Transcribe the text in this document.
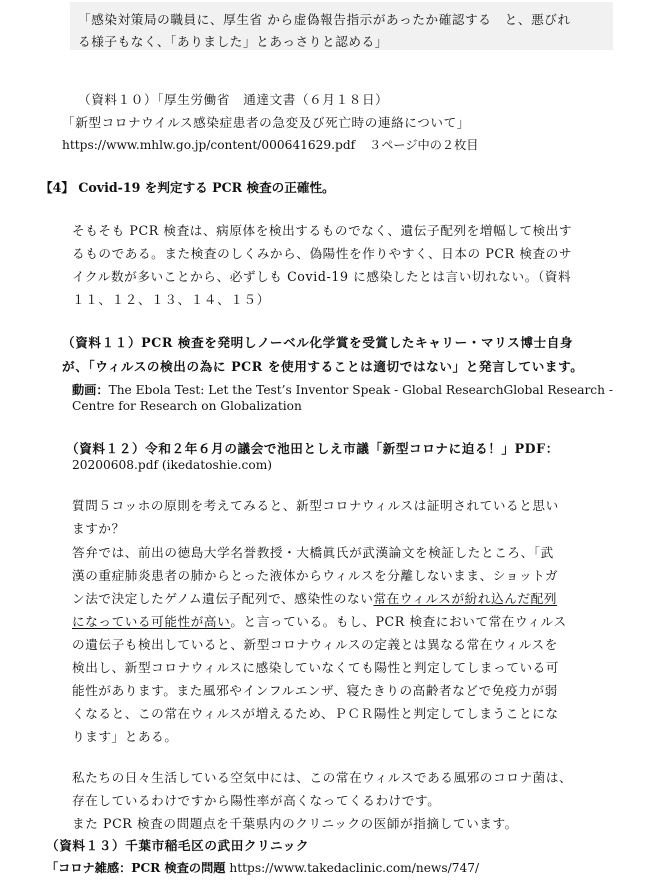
「感染対策局の職員に、厚生省 から虚偽報告指示があったか確認する　と、悪びれ
る様子もなく、「ありました」とあっさりと認める」
（資料１０）「厚生労働省　通達文書（６月１８日）
「新型コロナウイルス感染症患者の急変及び死亡時の連絡について」
https://www.mhlw.go.jp/content/000641629.pdf ３ページ中の２枚目
【4】 Covid-19 を判定する PCR 検査の正確性。
そもそも PCR 検査は、病原体を検出するものでなく、遺伝子配列を増幅して検出す
るものである。また検査のしくみから、偽陽性を作りやすく、日本の PCR 検査のサ
イクル数が多いことから、必ずしも Covid-19 に感染したとは言い切れない。（資料
１１、１２、１３、１４、１５）
（資料１１）PCR 検査を発明しノーベル化学賞を受賞したキャリー・マリス博士自身
が、「ウィルスの検出の為に PCR を使用することは適切ではない」と発言しています。
動画：The Ebola Test: Let the Test’s Inventor Speak - Global ResearchGlobal Research -
Centre for Research on Globalization
（資料１２）令和２年６月の議会で池田としえ市議「新型コロナに迫る！」PDF：
20200608.pdf (ikedatoshie.com)
質問５コッホの原則を考えてみると、新型コロナウィルスは証明されていると思い
ますか？
答弁では、前出の徳島大学名誉教授・大橋眞氏が武漢論文を検証したところ、「武
漢の重症肺炎患者の肺からとった液体からウィルスを分離しないまま、ショットガ
ン法で決定したゲノム遺伝子配列で、感染性のない常在ウィルスが紛れ込んだ配列
になっている可能性が高い。と言っている。もし、PCR 検査において常在ウィルス
の遺伝子も検出していると、新型コロナウィルスの定義とは異なる常在ウィルスを
検出し、新型コロナウィルスに感染していなくても陽性と判定してしまっている可
能性があります。また風邪やインフルエンザ、寝たきりの高齢者などで免疫力が弱
くなると、この常在ウィルスが増えるため、ＰＣＲ陽性と判定してしまうことにな
ります」とある。
私たちの日々生活している空気中には、この常在ウィルスである風邪のコロナ菌は、
存在しているわけですから陽性率が高くなってくるわけです。
また PCR 検査の問題点を千葉県内のクリニックの医師が指摘しています。
（資料１３）千葉市稲毛区の武田クリニック
「コロナ雑感：PCR 検査の問題 https://www.takedaclinic.com/news/747/
